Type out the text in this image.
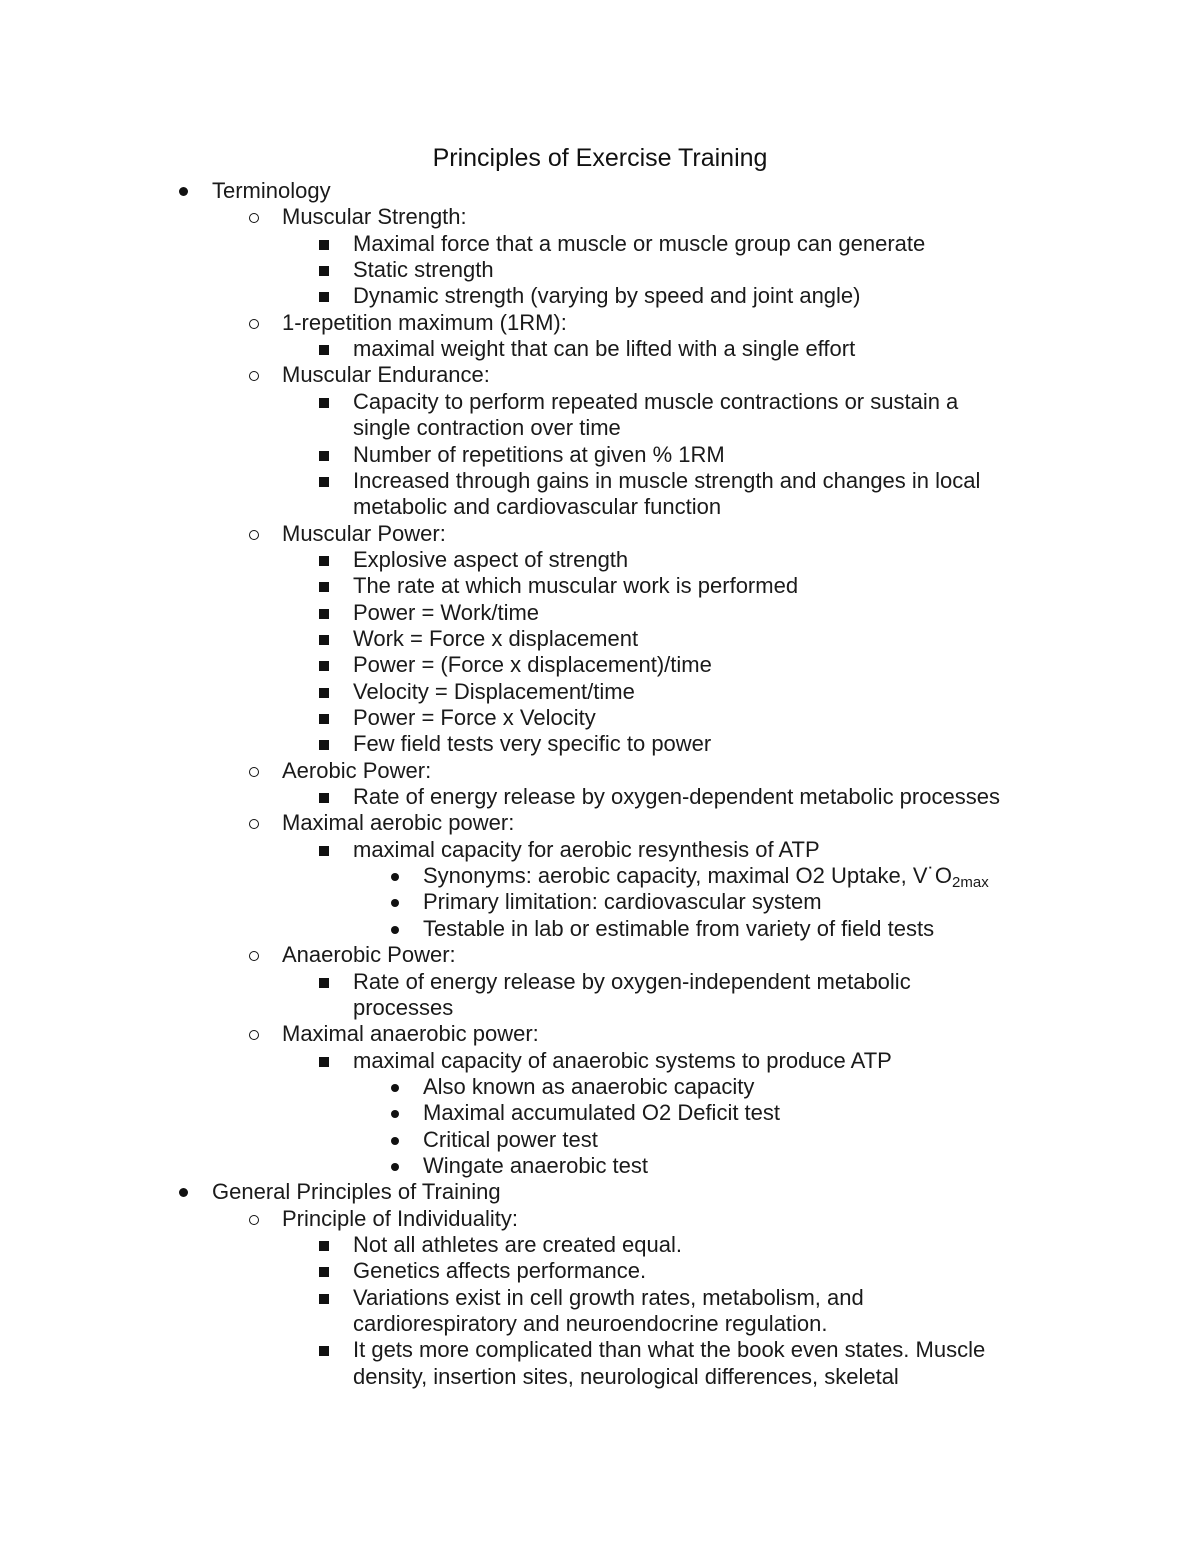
Principles of Exercise Training
Terminology
Muscular Strength:
Maximal force that a muscle or muscle group can generate
Static strength
Dynamic strength (varying by speed and joint angle)
1-repetition maximum (1RM):
maximal weight that can be lifted with a single effort
Muscular Endurance:
Capacity to perform repeated muscle contractions or sustain a
single contraction over time
Number of repetitions at given % 1RM
Increased through gains in muscle strength and changes in local
metabolic and cardiovascular function
Muscular Power:
Explosive aspect of strength
The rate at which muscular work is performed
Power = Work/time
Work = Force x displacement
Power = (Force x displacement)/time
Velocity = Displacement/time
Power = Force x Velocity
Few field tests very specific to power
Aerobic Power:
Rate of energy release by oxygen-dependent metabolic processes
Maximal aerobic power:
maximal capacity for aerobic resynthesis of ATP
Synonyms: aerobic capacity, maximal O2 Uptake, $V˙O_{2max}$
Primary limitation: cardiovascular system
Testable in lab or estimable from variety of field tests
Anaerobic Power:
Rate of energy release by oxygen-independent metabolic
processes
Maximal anaerobic power:
maximal capacity of anaerobic systems to produce ATP
Also known as anaerobic capacity
Maximal accumulated O2 Deficit test
Critical power test
Wingate anaerobic test
General Principles of Training
Principle of Individuality:
Not all athletes are created equal.
Genetics affects performance.
Variations exist in cell growth rates, metabolism, and
cardiorespiratory and neuroendocrine regulation.
It gets more complicated than what the book even states. Muscle
density, insertion sites, neurological differences, skeletal
